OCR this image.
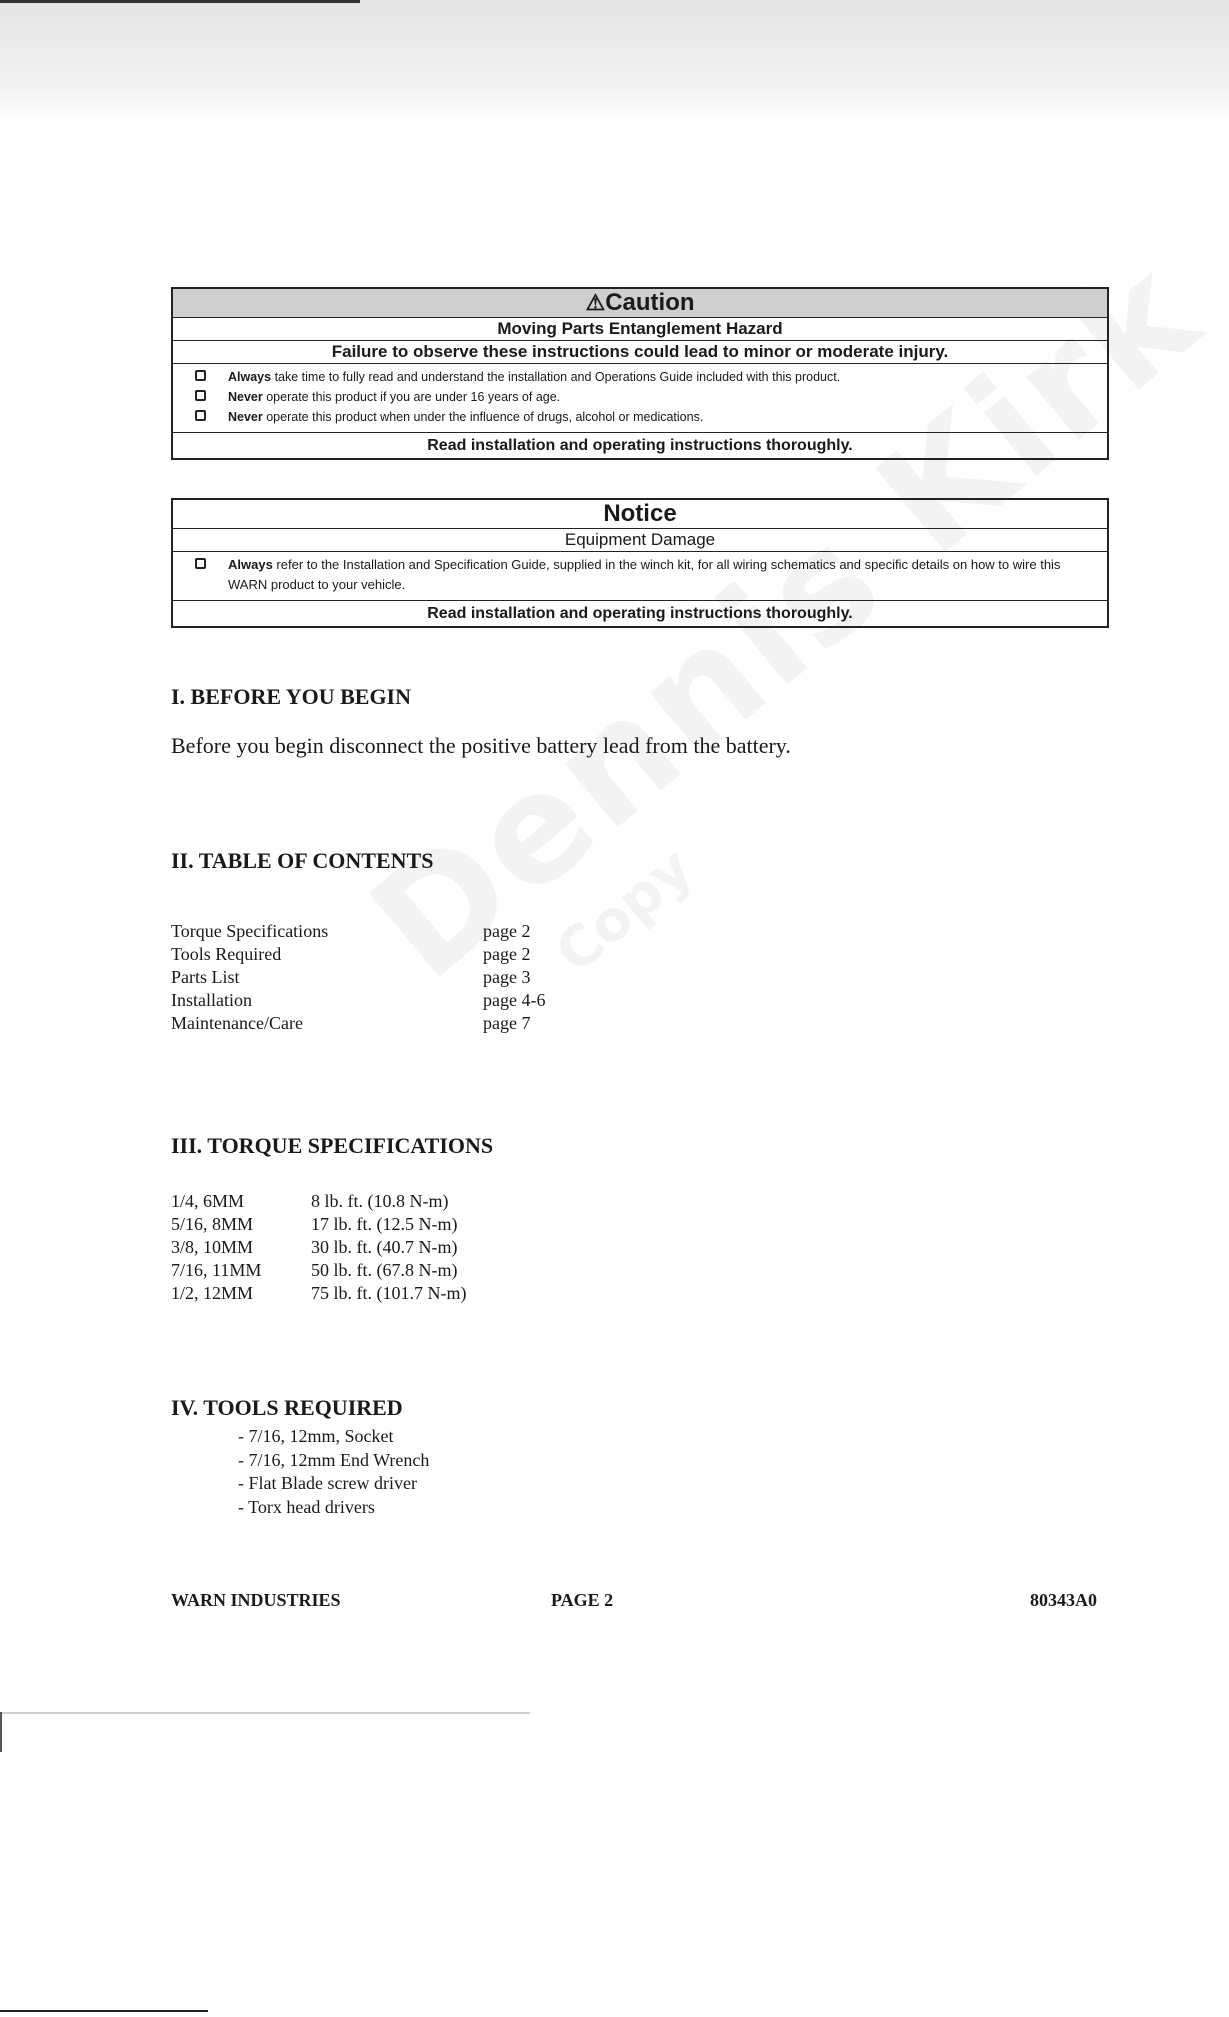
⚠Caution
Moving Parts Entanglement Hazard
Failure to observe these instructions could lead to minor or moderate injury.
Always take time to fully read and understand the installation and Operations Guide included with this product.
Never operate this product if you are under 16 years of age.
Never operate this product when under the influence of drugs, alcohol or medications.
Read installation and operating instructions thoroughly.
Notice
Equipment Damage
Always refer to the Installation and Specification Guide, supplied in the winch kit, for all wiring schematics and specific details on how to wire this WARN product to your vehicle.
Read installation and operating instructions thoroughly.
I. BEFORE YOU BEGIN
Before you begin disconnect the positive battery lead from the battery.
II. TABLE OF CONTENTS
Torque Specifications	page 2
Tools Required	page 2
Parts List	page 3
Installation	page 4-6
Maintenance/Care	page 7
III. TORQUE SPECIFICATIONS
1/4, 6MM	8 lb. ft. (10.8 N-m)
5/16, 8MM	17 lb. ft. (12.5 N-m)
3/8, 10MM	30 lb. ft. (40.7 N-m)
7/16, 11MM	50 lb. ft. (67.8 N-m)
1/2, 12MM	75 lb. ft. (101.7 N-m)
IV. TOOLS REQUIRED
- 7/16, 12mm, Socket
- 7/16, 12mm End Wrench
- Flat Blade screw driver
- Torx head drivers
WARN INDUSTRIES	PAGE 2	80343A0
